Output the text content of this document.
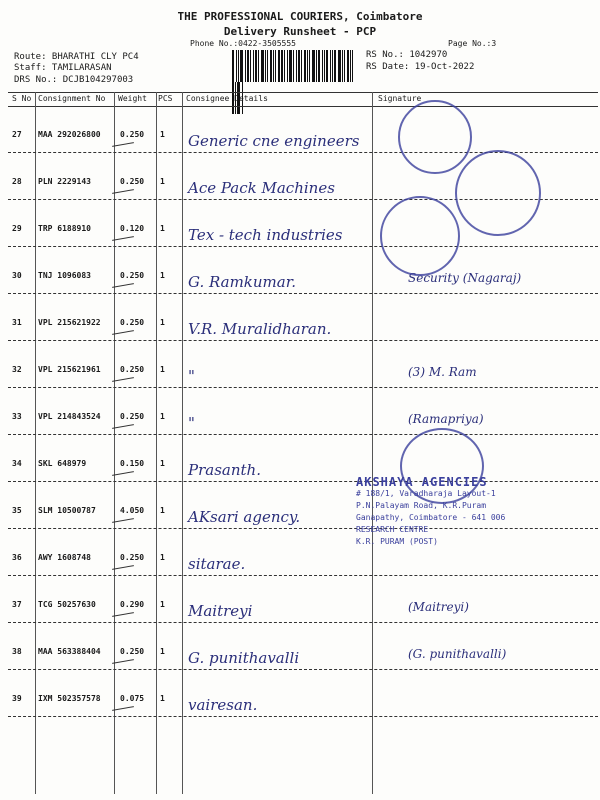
THE PROFESSIONAL COURIERS, Coimbatore
Delivery Runsheet - PCP
Phone No.:0422-3505555	Page No.:3
Route: BHARATHI CLY PC4
Staff: TAMILARASAN
DRS No.: DCJB104297003
RS No.: 1042970
RS Date: 19-Oct-2022
S No Consignment No Weight PCS Consignee Details	Signature
27 MAA 292026800 0.250 1 Generic cne engineers
28 PLN 2229143	0.250 1 Ace Pack Machines
29 TRP 6188910	0.120 1 Tex - tech industries
30 TNJ 1096083	0.250 1 G. Ramkumar.	Security (Nagaraj)
31 VPL 215621922 0.250 1 V.R. Muralidharan.
32 VPL 215621961 0.250 1 "	(3) M. Ram
33 VPL 214843524 0.250 1 "	(Ramapriya)
34 SKL 648979	0.150 1 Prasanth.
35 SLM 10500787	4.050 1 AKsari agency.
36 AWY 1608748	0.250 1 sitarae.
37 TCG 50257630	0.290 1 Maitreyi	(Maitreyi)
38 MAA 563388404 0.250 1 G. punithavalli	(G. punithavalli)
39 IXM 502357578 0.075 1 vairesan.
AKSHAYA AGENCIES
# 188/1, Varadharaja Layout-1
P.N.Palayam Road, K.R.Puram
Ganapathy, Coimbatore - 641 006
RESEARCH CENTRE
K.R. PURAM (POST)
